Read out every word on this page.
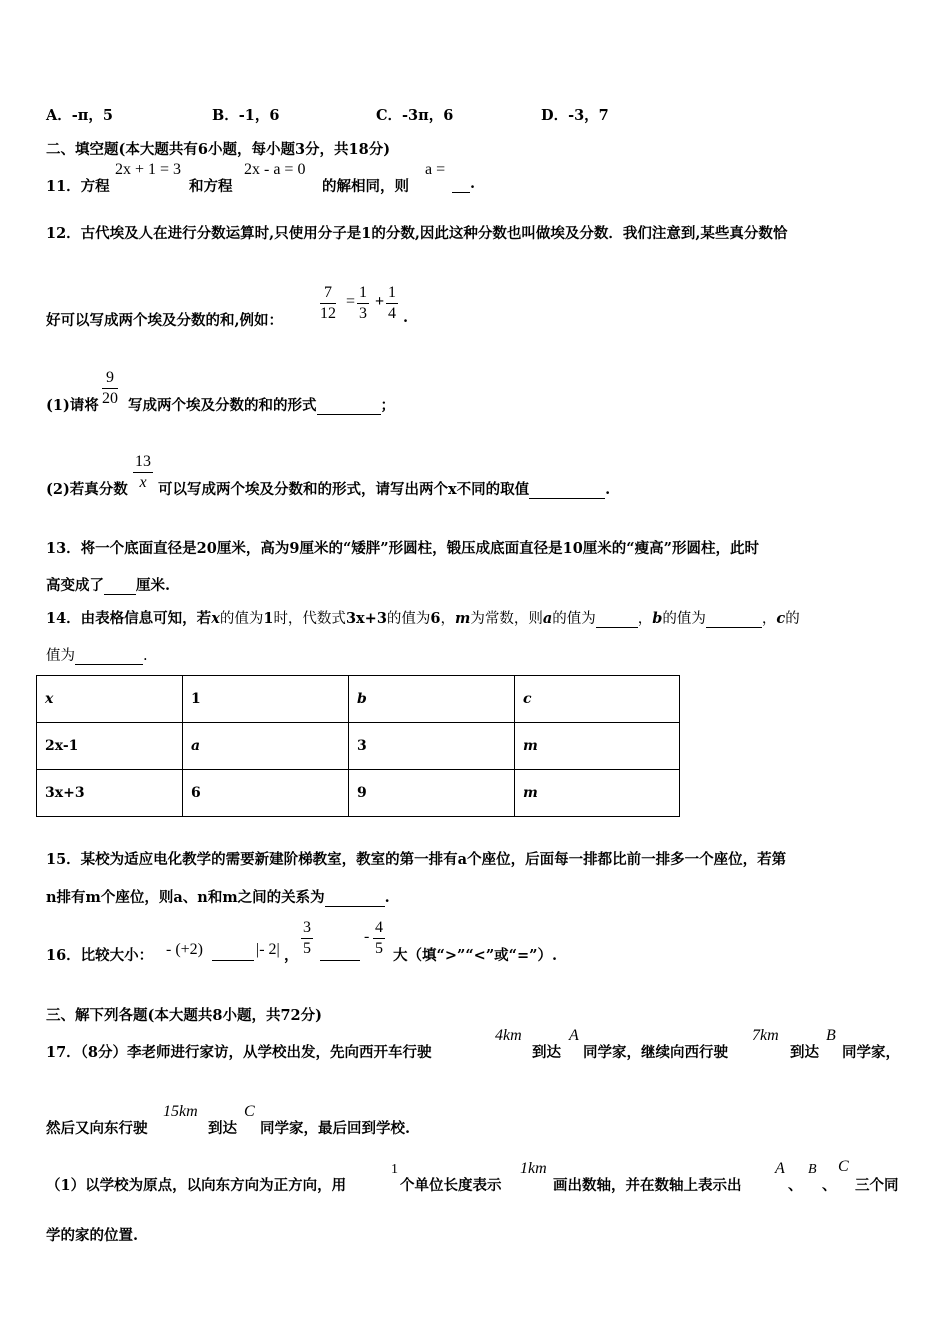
A．-π，5	B．-1，6	C．-3π，6	D．-3，7
二、填空题(本大题共有6小题，每小题3分，共18分)
11．方程
2x + 1 = 3
和方程
2x - a = 0
的解相同，则
a =
.
12．古代埃及人在进行分数运算时,只使用分子是1的分数,因此这种分数也叫做埃及分数．我们注意到,某些真分数恰
好可以写成两个埃及分数的和,例如： $\frac{7}{12} = \frac{1}{3} + \frac{1}{4}$ .
(1)请将 $\frac{9}{20}$ 写成两个埃及分数的和的形式	；
(2)若真分数 $\frac{13}{x}$ 可以写成两个埃及分数和的形式，请写出两个x不同的取值	.
13．将一个底面直径是20厘米，高为9厘米的“矮胖”形圆柱，锻压成底面直径是10厘米的“瘦高”形圆柱，此时
高变成了 厘米.
14．由表格信息可知，若x的值为1时，代数式3x+3的值为6，m为常数，则a的值为	，b的值为	，c的
值为	.
x	1	b	c
2x-1	a	3	m
3x+3	6	9	m
15．某校为适应电化教学的需要新建阶梯教室，教室的第一排有a个座位，后面每一排都比前一排多一个座位，若第
n排有m个座位，则a、n和m之间的关系为	.
16．比较大小： - (+2)
	|- 2| ， $\frac{3}{5}$
	- $\frac{4}{5}$ 大（填“>”“<”或“=”）.
三、解下列各题(本大题共8小题，共72分)
17．（8分）李老师进行家访，从学校出发，先向西开车行驶
4km
到达
A
同学家，继续向西行驶
7km
到达
B
同学家，
然后又向东行驶
15km
到达
C
同学家，最后回到学校.
（1）以学校为原点，以向东方向为正方向，用
1
个单位长度表示
1km
画出数轴，并在数轴上表示出
A
、
B
、
C
三个同
学的家的位置.
